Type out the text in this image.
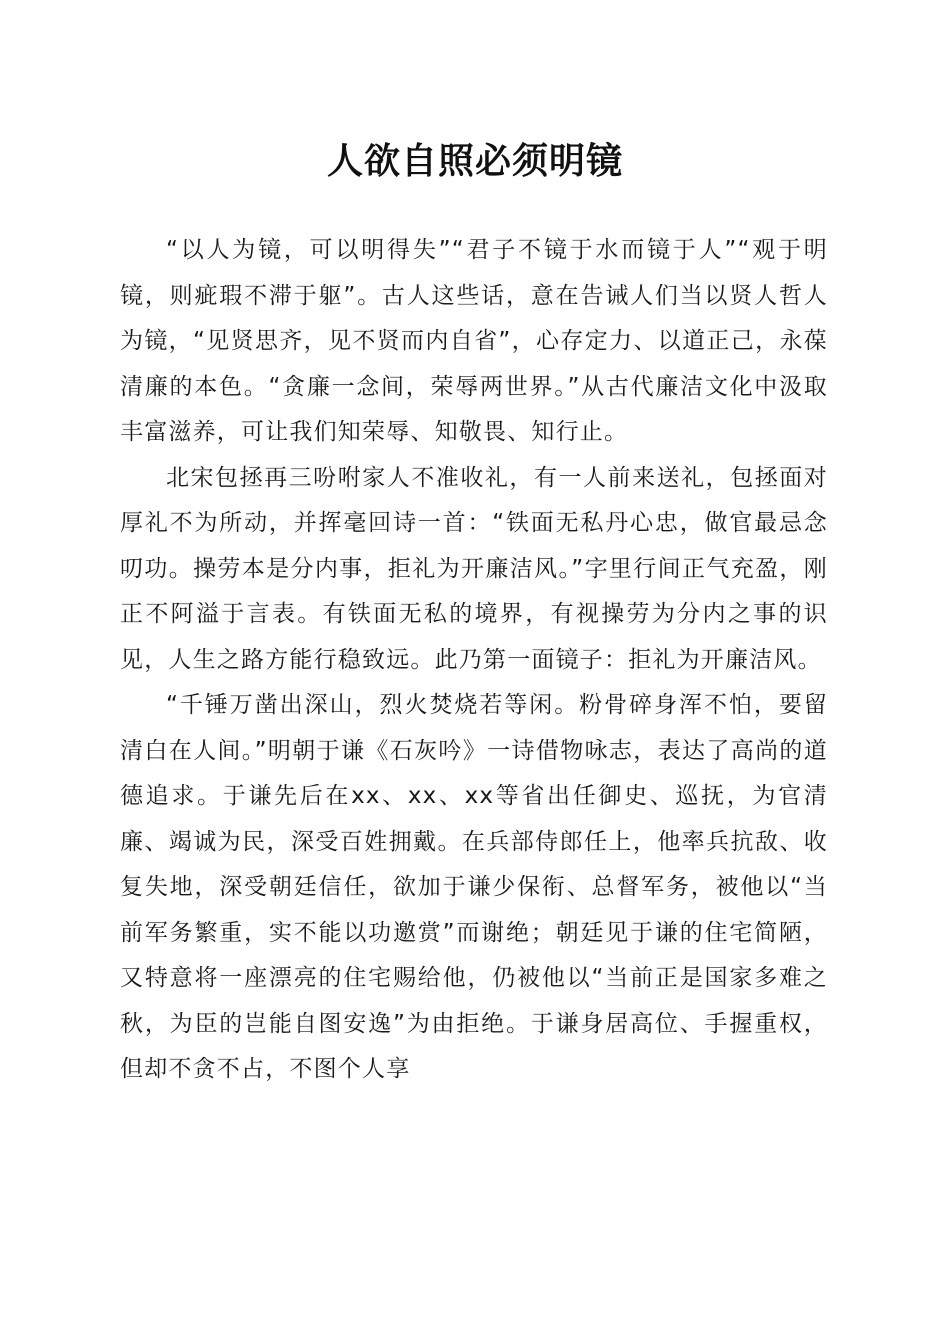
人欲自照必须明镜

“以人为镜，可以明得失”“君子不镜于水而镜于人”“观于明镜，则疵瑕不滞于躯”。古人这些话，意在告诫人们当以贤人哲人为镜，“见贤思齐，见不贤而内自省”，心存定力、以道正己，永葆清廉的本色。“贪廉一念间，荣辱两世界。”从古代廉洁文化中汲取丰富滋养，可让我们知荣辱、知敬畏、知行止。

北宋包拯再三吩咐家人不准收礼，有一人前来送礼，包拯面对厚礼不为所动，并挥毫回诗一首：“铁面无私丹心忠，做官最忌念叨功。操劳本是分内事，拒礼为开廉洁风。”字里行间正气充盈，刚正不阿溢于言表。有铁面无私的境界，有视操劳为分内之事的识见，人生之路方能行稳致远。此乃第一面镜子：拒礼为开廉洁风。

“千锤万凿出深山，烈火焚烧若等闲。粉骨碎身浑不怕，要留清白在人间。”明朝于谦《石灰吟》一诗借物咏志，表达了高尚的道德追求。于谦先后在xx、xx、xx等省出任御史、巡抚，为官清廉、竭诚为民，深受百姓拥戴。在兵部侍郎任上，他率兵抗敌、收复失地，深受朝廷信任，欲加于谦少保衔、总督军务，被他以“当前军务繁重，实不能以功邀赏”而谢绝；朝廷见于谦的住宅简陋，又特意将一座漂亮的住宅赐给他，仍被他以“当前正是国家多难之秋，为臣的岂能自图安逸”为由拒绝。于谦身居高位、手握重权，但却不贪不占，不图个人享
